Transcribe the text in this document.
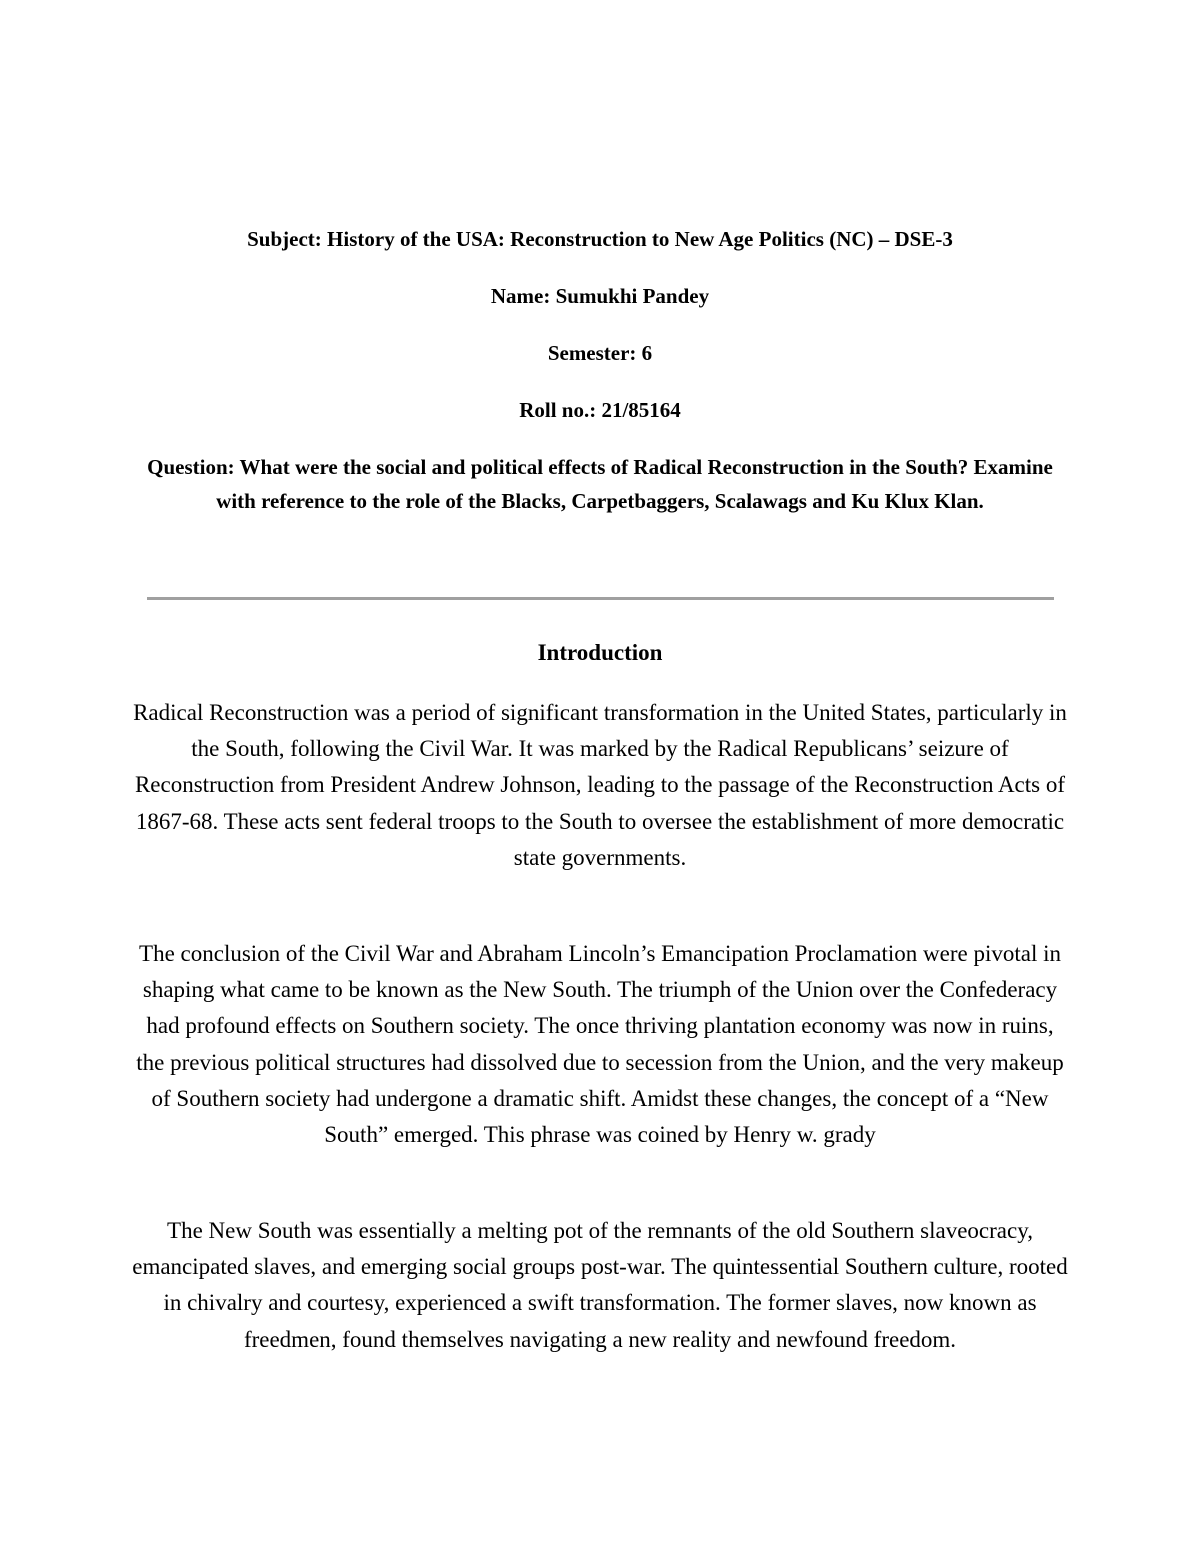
Subject: History of the USA: Reconstruction to New Age Politics (NC) – DSE-3

Name: Sumukhi Pandey

Semester: 6

Roll no.: 21/85164

Question: What were the social and political effects of Radical Reconstruction in the South? Examine with reference to the role of the Blacks, Carpetbaggers, Scalawags and Ku Klux Klan.

Introduction

Radical Reconstruction was a period of significant transformation in the United States, particularly in the South, following the Civil War. It was marked by the Radical Republicans’ seizure of Reconstruction from President Andrew Johnson, leading to the passage of the Reconstruction Acts of 1867-68. These acts sent federal troops to the South to oversee the establishment of more democratic state governments.

The conclusion of the Civil War and Abraham Lincoln’s Emancipation Proclamation were pivotal in shaping what came to be known as the New South. The triumph of the Union over the Confederacy had profound effects on Southern society. The once thriving plantation economy was now in ruins, the previous political structures had dissolved due to secession from the Union, and the very makeup of Southern society had undergone a dramatic shift. Amidst these changes, the concept of a “New South” emerged. This phrase was coined by Henry w. grady

The New South was essentially a melting pot of the remnants of the old Southern slaveocracy, emancipated slaves, and emerging social groups post-war. The quintessential Southern culture, rooted in chivalry and courtesy, experienced a swift transformation. The former slaves, now known as freedmen, found themselves navigating a new reality and newfound freedom.
